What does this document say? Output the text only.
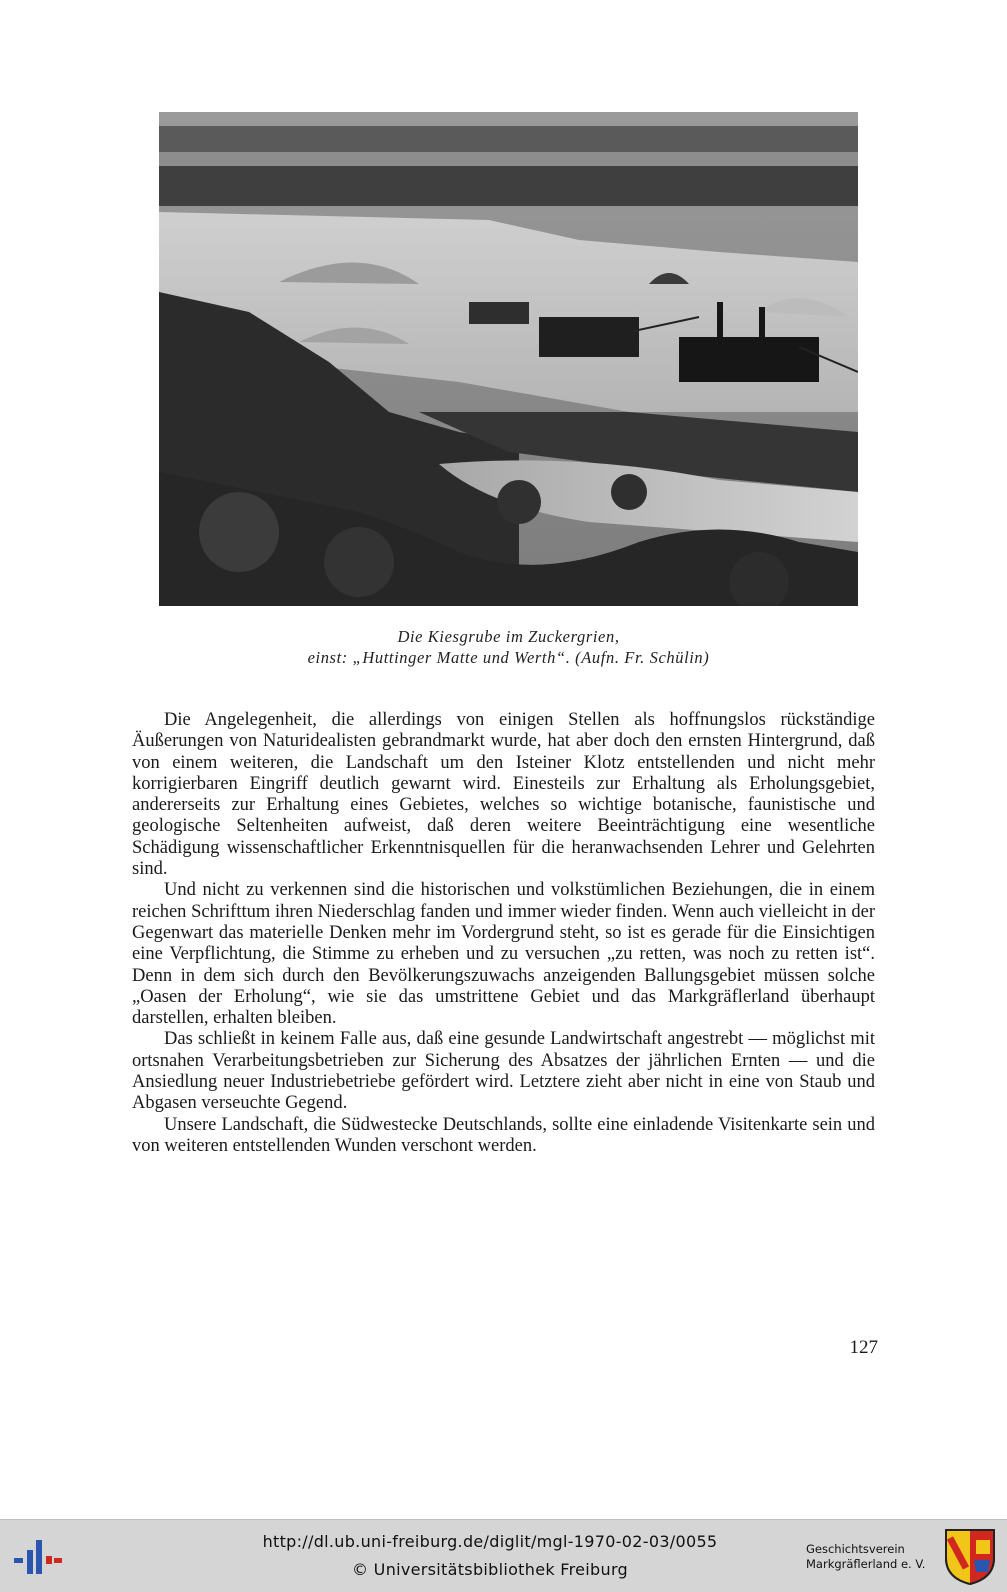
Die Kiesgrube im Zuckergrien,
einst: „Huttinger Matte und Werth“. (Aufn. Fr. Schülin)

Die Angelegenheit, die allerdings von einigen Stellen als hoffnungslos rückständige Äußerungen von Naturidealisten gebrandmarkt wurde, hat aber doch den ernsten Hintergrund, daß von einem weiteren, die Landschaft um den Isteiner Klotz entstellenden und nicht mehr korrigierbaren Eingriff deutlich gewarnt wird. Einesteils zur Erhaltung als Erholungsgebiet, andererseits zur Erhaltung eines Gebietes, welches so wichtige botanische, faunistische und geologische Seltenheiten aufweist, daß deren weitere Beeinträchtigung eine wesentliche Schädigung wissenschaftlicher Erkenntnisquellen für die heranwachsenden Lehrer und Gelehrten sind.

Und nicht zu verkennen sind die historischen und volkstümlichen Beziehungen, die in einem reichen Schrifttum ihren Niederschlag fanden und immer wieder finden. Wenn auch vielleicht in der Gegenwart das materielle Denken mehr im Vordergrund steht, so ist es gerade für die Einsichtigen eine Verpflichtung, die Stimme zu erheben und zu versuchen „zu retten, was noch zu retten ist“. Denn in dem sich durch den Bevölkerungszuwachs anzeigenden Ballungsgebiet müssen solche „Oasen der Erholung“, wie sie das umstrittene Gebiet und das Markgräflerland überhaupt darstellen, erhalten bleiben.

Das schließt in keinem Falle aus, daß eine gesunde Landwirtschaft angestrebt — möglichst mit ortsnahen Verarbeitungsbetrieben zur Sicherung des Absatzes der jährlichen Ernten — und die Ansiedlung neuer Industriebetriebe gefördert wird. Letztere zieht aber nicht in eine von Staub und Abgasen verseuchte Gegend.

Unsere Landschaft, die Südwestecke Deutschlands, sollte eine einladende Visitenkarte sein und von weiteren entstellenden Wunden verschont werden.

127
http://dl.ub.uni-freiburg.de/diglit/mgl-1970-02-03/0055
© Universitätsbibliothek Freiburg
Geschichtsverein
Markgräflerland e. V.
